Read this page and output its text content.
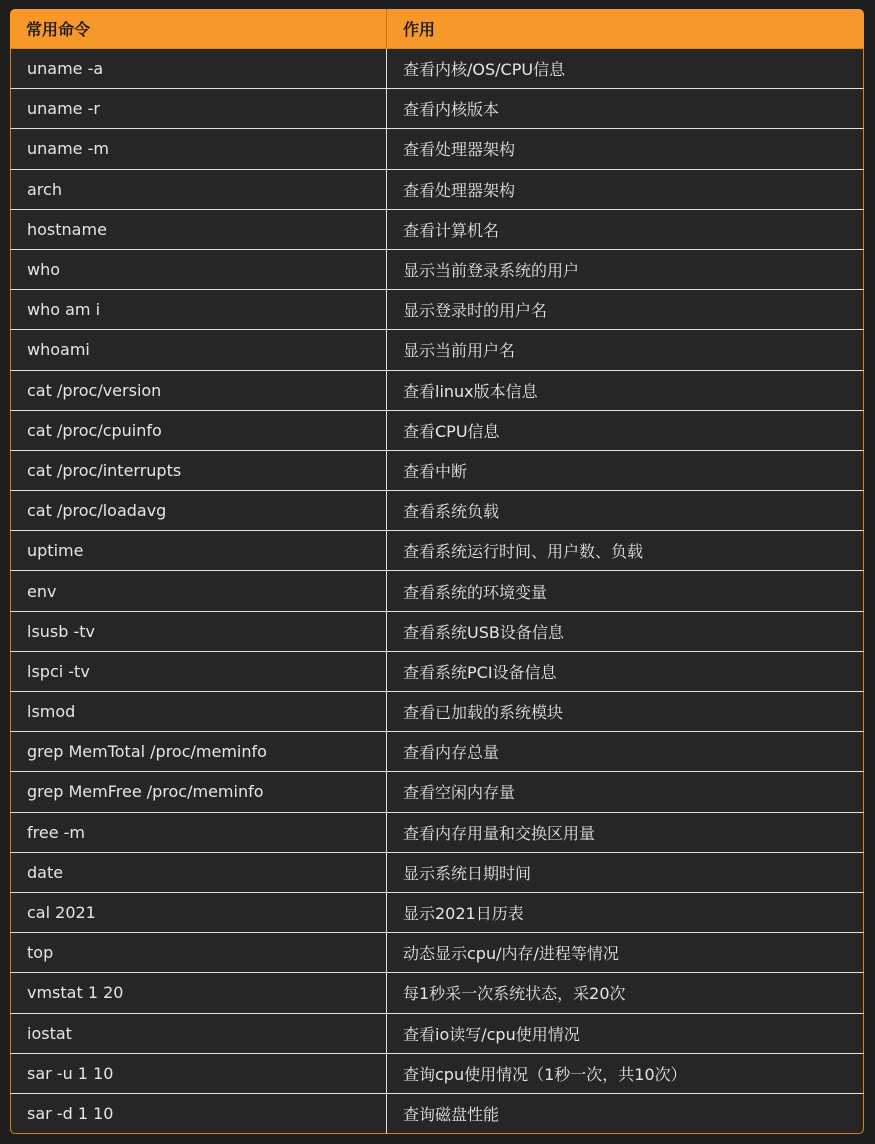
常用命令	作用
uname -a	查看内核/OS/CPU信息
uname -r	查看内核版本
uname -m	查看处理器架构
arch	查看处理器架构
hostname	查看计算机名
who	显示当前登录系统的用户
who am i	显示登录时的用户名
whoami	显示当前用户名
cat /proc/version	查看linux版本信息
cat /proc/cpuinfo	查看CPU信息
cat /proc/interrupts	查看中断
cat /proc/loadavg	查看系统负载
uptime	查看系统运行时间、用户数、负载
env	查看系统的环境变量
lsusb -tv	查看系统USB设备信息
lspci -tv	查看系统PCI设备信息
lsmod	查看已加载的系统模块
grep MemTotal /proc/meminfo	查看内存总量
grep MemFree /proc/meminfo	查看空闲内存量
free -m	查看内存用量和交换区用量
date	显示系统日期时间
cal 2021	显示2021日历表
top	动态显示cpu/内存/进程等情况
vmstat 1 20	每1秒采一次系统状态，采20次
iostat	查看io读写/cpu使用情况
sar -u 1 10	查询cpu使用情况（1秒一次，共10次）
sar -d 1 10	查询磁盘性能
